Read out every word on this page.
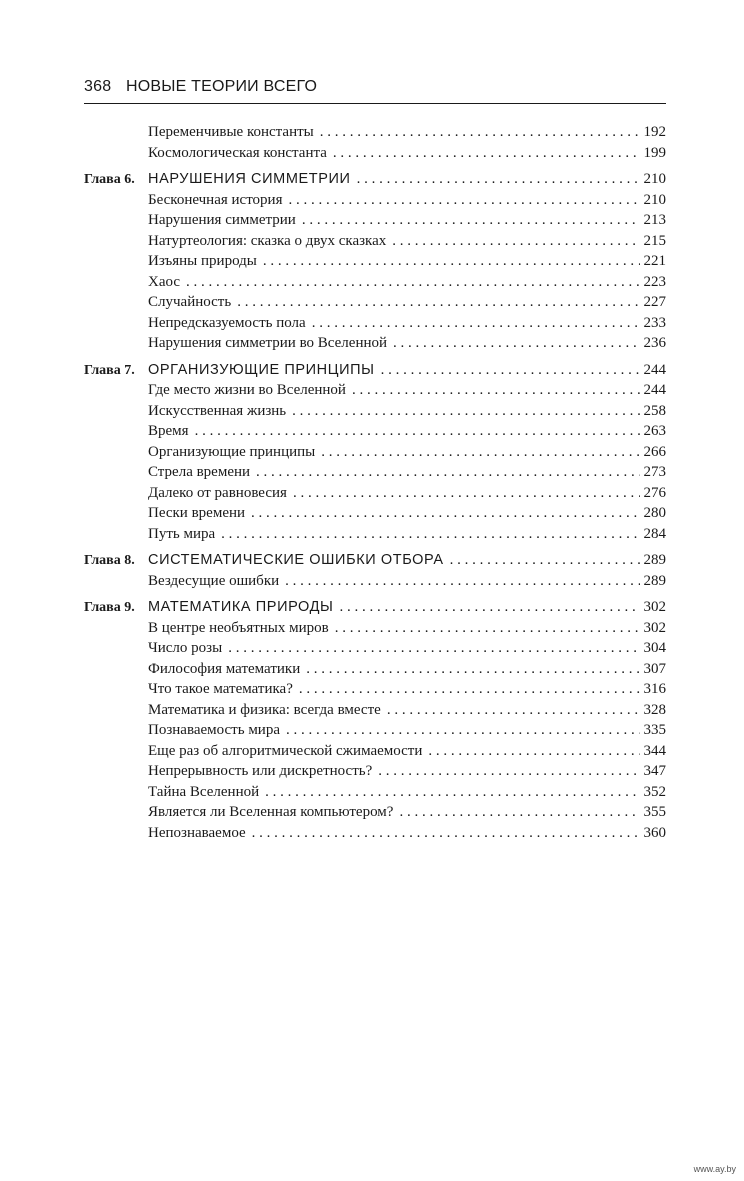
368 НОВЫЕ ТЕОРИИ ВСЕГО
Переменчивые константы . . .	192
Космологическая константа . . .	199
Глава 6. НАРУШЕНИЯ СИММЕТРИИ . . .	210
Бесконечная история . . .	210
Нарушения симметрии . . .	213
Натуртеология: сказка о двух сказках . . .	215
Изъяны природы . . .	221
Хаос . . .	223
Случайность . . .	227
Непредсказуемость пола . . .	233
Нарушения симметрии во Вселенной . . .	236
Глава 7. ОРГАНИЗУЮЩИЕ ПРИНЦИПЫ . . .	244
Где место жизни во Вселенной . . .	244
Искусственная жизнь . . .	258
Время . . .	263
Организующие принципы . . .	266
Стрела времени . . .	273
Далеко от равновесия . . .	276
Пески времени . . .	280
Путь мира . . .	284
Глава 8. СИСТЕМАТИЧЕСКИЕ ОШИБКИ ОТБОРА . . .	289
Вездесущие ошибки . . .	289
Глава 9. МАТЕМАТИКА ПРИРОДЫ . . .	302
В центре необъятных миров . . .	302
Число розы . . .	304
Философия математики . . .	307
Что такое математика? . . .	316
Математика и физика: всегда вместе . . .	328
Познаваемость мира . . .	335
Еще раз об алгоритмической сжимаемости . . .	344
Непрерывность или дискретность? . . .	347
Тайна Вселенной . . .	352
Является ли Вселенная компьютером? . . .	355
Непознаваемое . . .	360
www.ay.by
